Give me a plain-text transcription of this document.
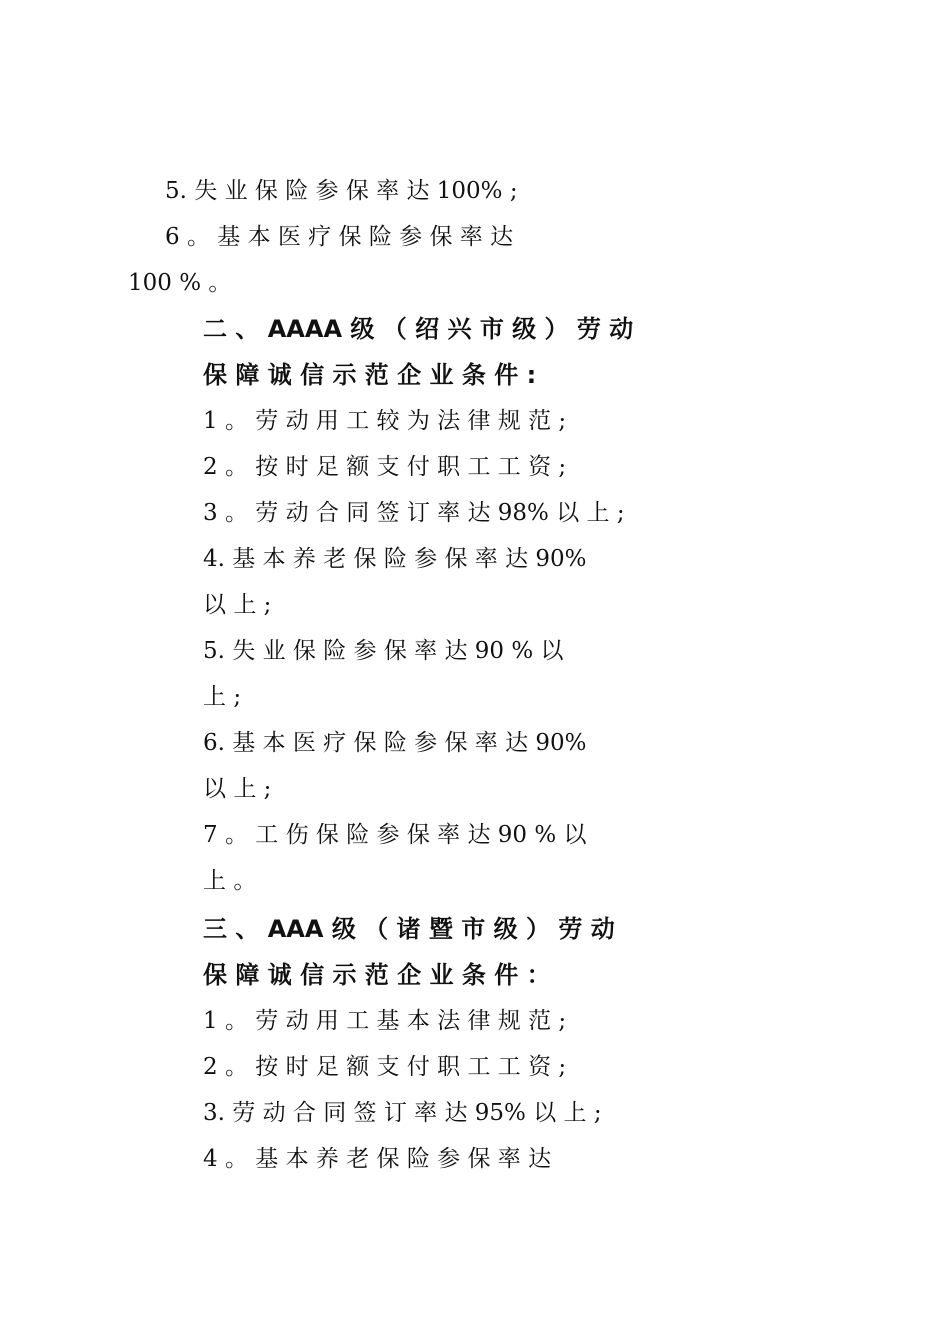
5. 失 业 保 险 参 保 率 达 100% ;
6 。 基 本 医 疗 保 险 参 保 率 达
100 % 。
二 、 AAAA 级 （ 绍 兴 市 级 ） 劳 动
保 障 诚 信 示 范 企 业 条 件 :
1 。 劳 动 用 工 较 为 法 律 规 范 ;
2 。 按 时 足 额 支 付 职 工 工 资 ;
3 。 劳 动 合 同 签 订 率 达 98% 以 上 ;
4. 基 本 养 老 保 险 参 保 率 达 90%
以 上 ;
5. 失 业 保 险 参 保 率 达 90 % 以
上 ;
6. 基 本 医 疗 保 险 参 保 率 达 90%
以 上 ;
7 。 工 伤 保 险 参 保 率 达 90 % 以
上 。
三 、 AAA 级 （ 诸 暨 市 级 ） 劳 动
保 障 诚 信 示 范 企 业 条 件 ：
1 。 劳 动 用 工 基 本 法 律 规 范 ;
2 。 按 时 足 额 支 付 职 工 工 资 ;
3. 劳 动 合 同 签 订 率 达 95% 以 上 ;
4 。 基 本 养 老 保 险 参 保 率 达
